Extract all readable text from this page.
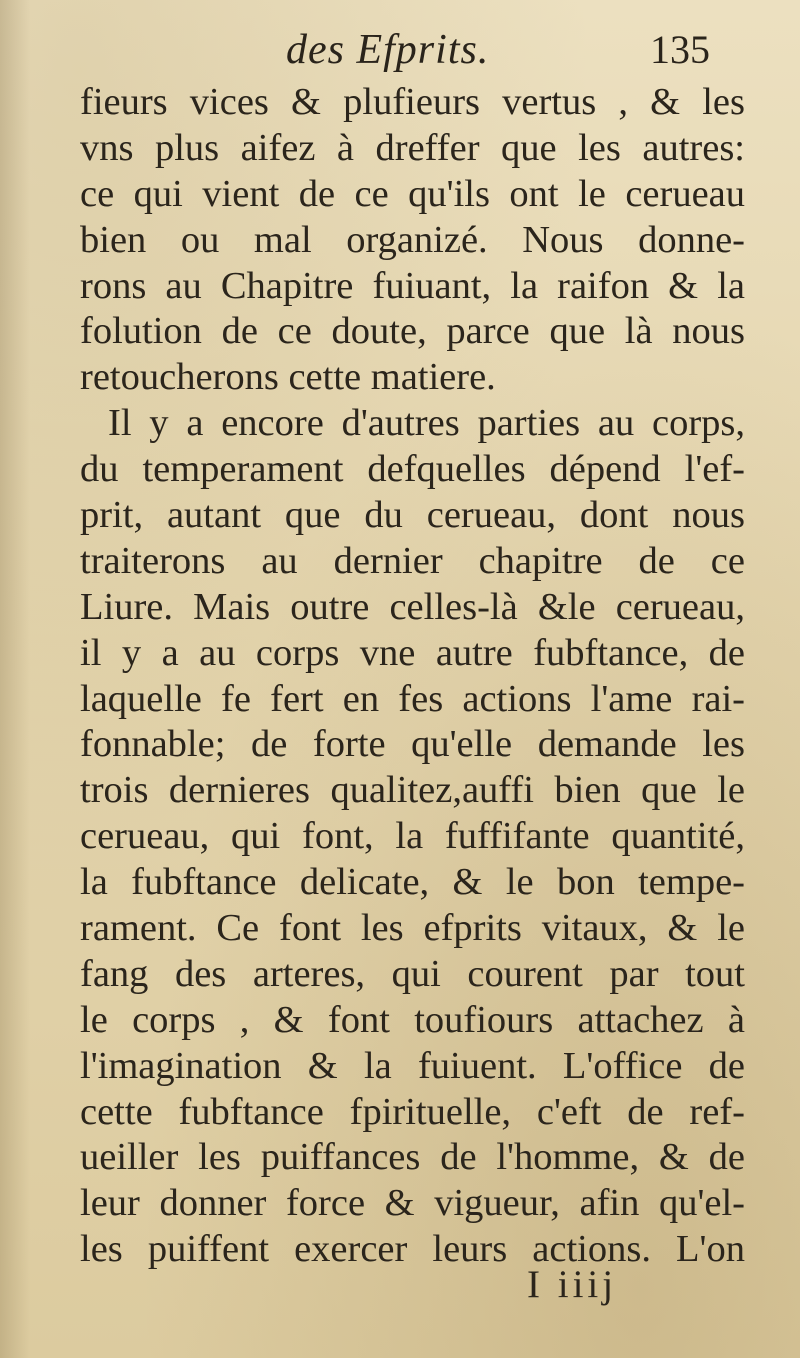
des Efprits.	135
fieurs vices & plufieurs vertus , & les
vns plus aifez à dreffer que les autres:
ce qui vient de ce qu'ils ont le cerueau
bien ou mal organizé. Nous donne-
rons au Chapitre fuiuant, la raifon & la
folution de ce doute, parce que là nous
retoucherons cette matiere.
Il y a encore d'autres parties au corps,
du temperament defquelles dépend l'ef-
prit, autant que du cerueau, dont nous
traiterons au dernier chapitre de ce
Liure. Mais outre celles-là &le cerueau,
il y a au corps vne autre fubftance, de
laquelle fe fert en fes actions l'ame rai-
fonnable; de forte qu'elle demande les
trois dernieres qualitez,auffi bien que le
cerueau, qui font, la fuffifante quantité,
la fubftance delicate, & le bon tempe-
rament. Ce font les efprits vitaux, & le
fang des arteres, qui courent par tout
le corps , & font toufiours attachez à
l'imagination & la fuiuent. L'office de
cette fubftance fpirituelle, c'eft de ref-
ueiller les puiffances de l'homme, & de
leur donner force & vigueur, afin qu'el-
les puiffent exercer leurs actions. L'on
I iiij
